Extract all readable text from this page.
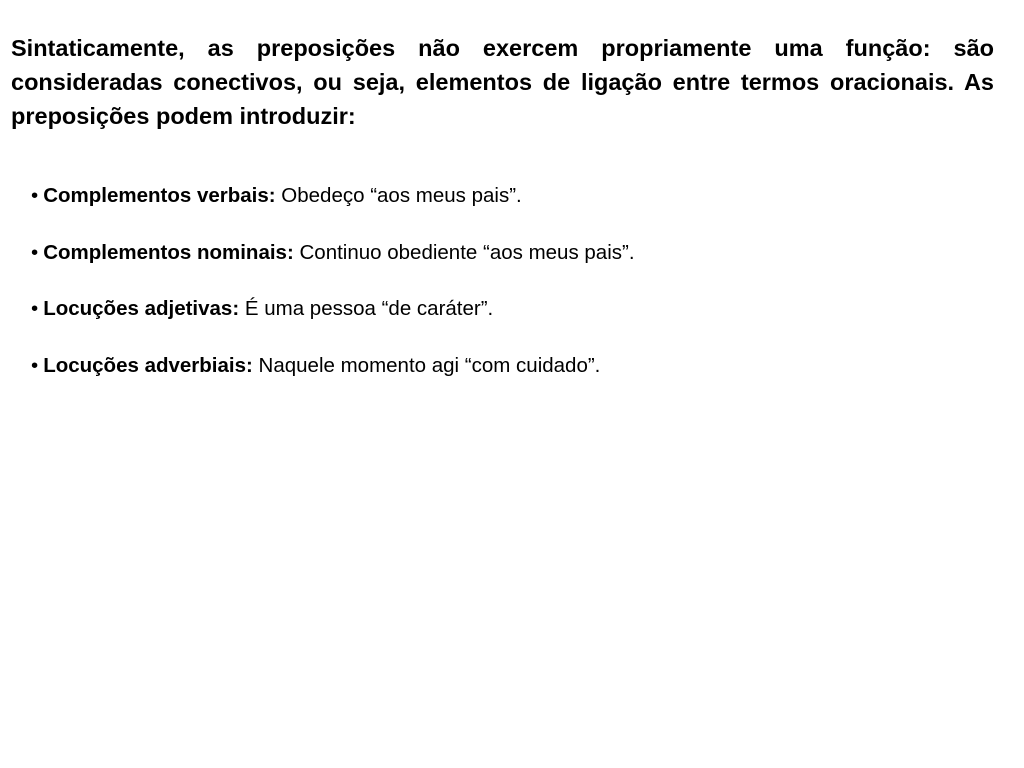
Sintaticamente, as preposições não exercem propriamente uma função: são consideradas conectivos, ou seja, elementos de ligação entre termos oracionais. As preposições podem introduzir:

• Complementos verbais: Obedeço “aos meus pais”.
• Complementos nominais: Continuo obediente “aos meus pais”.
• Locuções adjetivas: É uma pessoa “de caráter”.
• Locuções adverbiais: Naquele momento agi “com cuidado”.
